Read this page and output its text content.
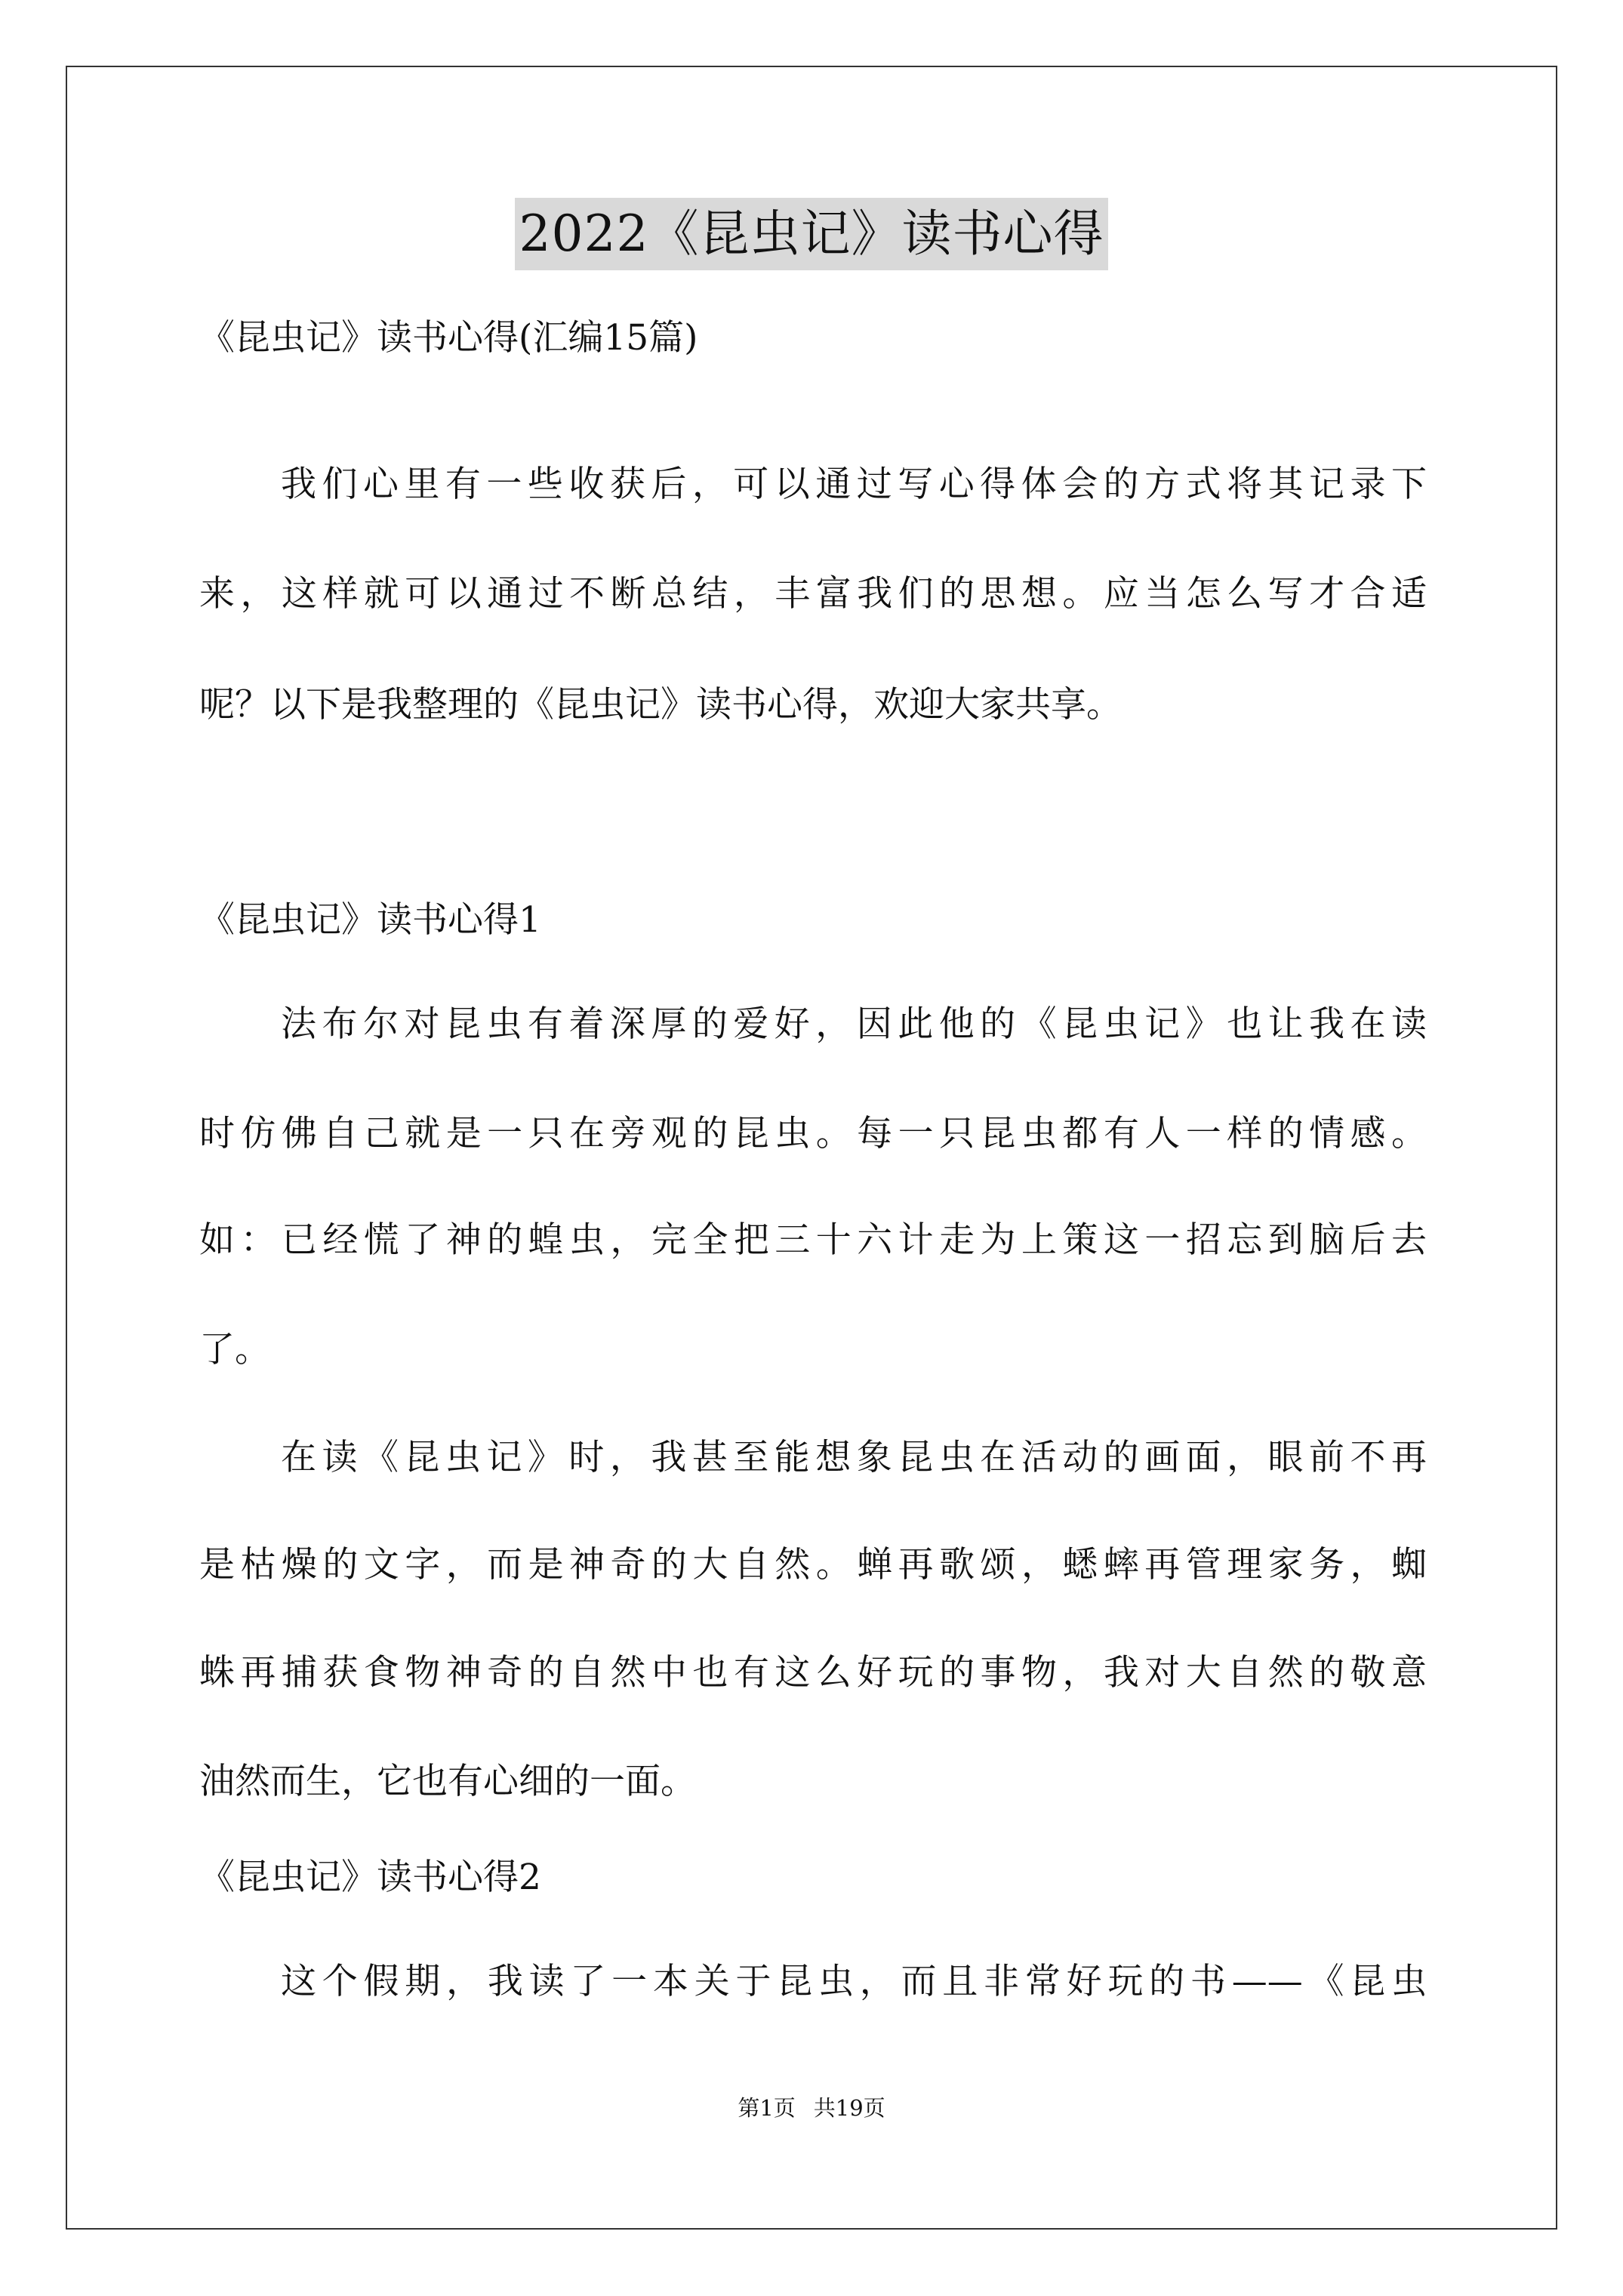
2022《昆虫记》读书心得
《昆虫记》读书心得(汇编15篇)
我们心里有一些收获后，可以通过写心得体会的方式将其记录下
来，这样就可以通过不断总结，丰富我们的思想。应当怎么写才合适
呢？以下是我整理的《昆虫记》读书心得，欢迎大家共享。
《昆虫记》读书心得1
法布尔对昆虫有着深厚的爱好，因此他的《昆虫记》也让我在读
时仿佛自己就是一只在旁观的昆虫。每一只昆虫都有人一样的情感。
如：已经慌了神的蝗虫，完全把三十六计走为上策这一招忘到脑后去
了。
在读《昆虫记》时，我甚至能想象昆虫在活动的画面，眼前不再
是枯燥的文字，而是神奇的大自然。蝉再歌颂，蟋蟀再管理家务，蜘
蛛再捕获食物神奇的自然中也有这么好玩的事物，我对大自然的敬意
油然而生，它也有心细的一面。
《昆虫记》读书心得2
这个假期，我读了一本关于昆虫，而且非常好玩的书——《昆虫
第1页 共19页
